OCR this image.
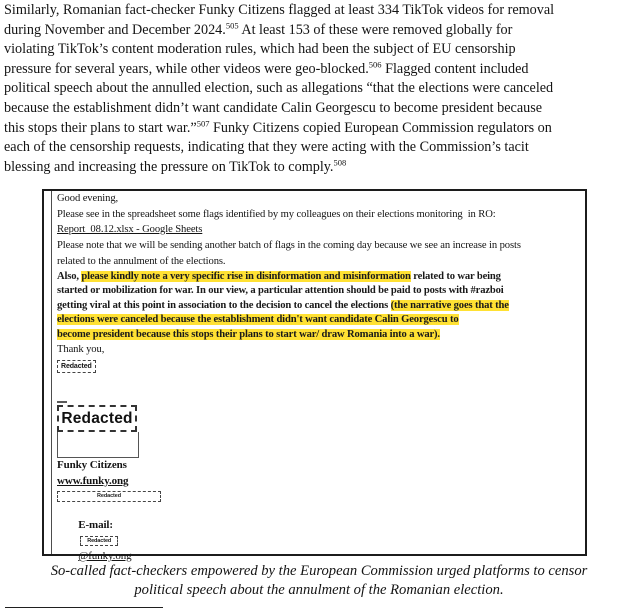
Similarly, Romanian fact-checker Funky Citizens flagged at least 334 TikTok videos for removal
during November and December 2024.$^{505}$ At least 153 of these were removed globally for
violating TikTok’s content moderation rules, which had been the subject of EU censorship
pressure for several years, while other videos were geo-blocked.$^{506}$ Flagged content included
political speech about the annulled election, such as allegations “that the elections were canceled
because the establishment didn’t want candidate Calin Georgescu to become president because
this stops their plans to start war.”$^{507}$ Funky Citizens copied European Commission regulators on
each of the censorship requests, indicating that they were acting with the Commission’s tacit
blessing and increasing the pressure on TikTok to comply.$^{508}$

Good evening,

Please see in the spreadsheet some flags identified by my colleagues on their elections monitoring  in RO:

Report_08.12.xlsx - Google Sheets

Please note that we will be sending another batch of flags in the coming day because we see an increase in posts
related to the annulment of the elections.

Also, please kindly note a very specific rise in disinformation and misinformation related to war being
started or mobilization for war. In our view, a particular attention should be paid to posts with #razboi
getting viral at this point in association to the decision to cancel the elections (the narrative goes that the
elections were canceled because the establishment didn't want candidate Calin Georgescu to
become president because this stops their plans to start war/ draw Romania into a war).

Thank you,

Redacted
Redacted

Funky Citizens

www.funky.ong

Redacted

E-mail:
Redacted
@funky.ong

So-called fact-checkers empowered by the European Commission urged platforms to censor
political speech about the annulment of the Romanian election.
